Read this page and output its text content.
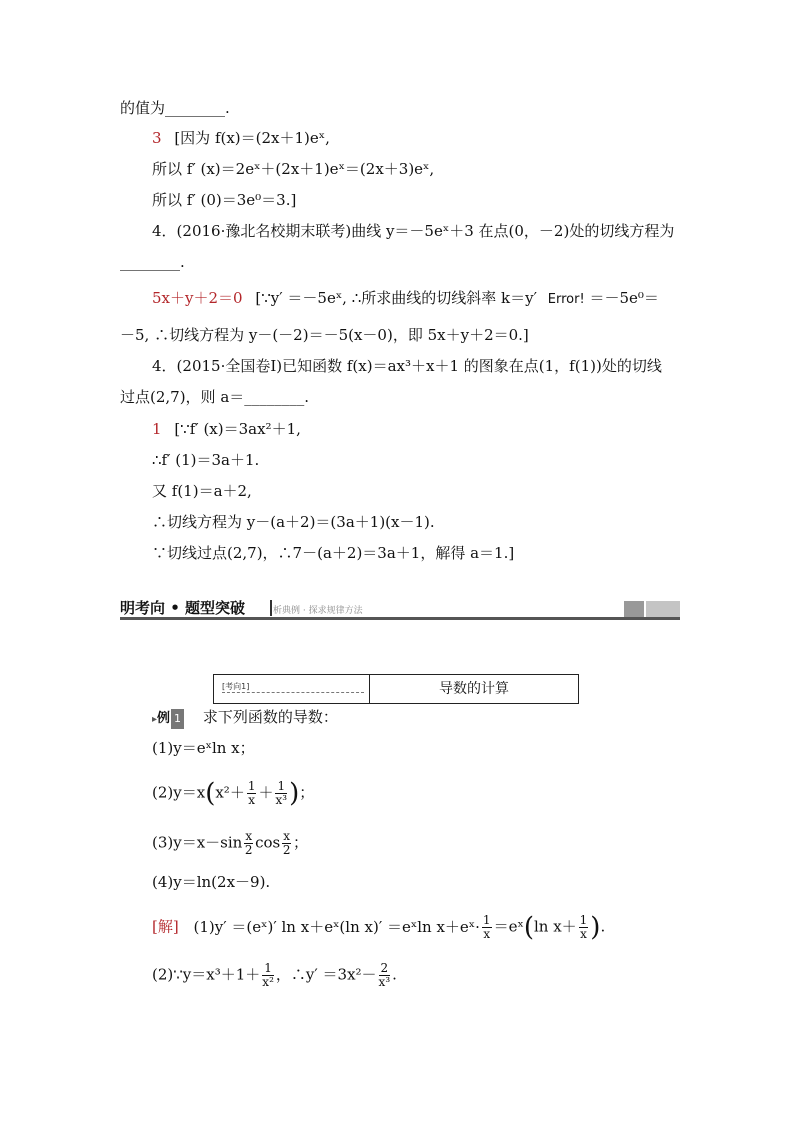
的值为________.
3 [因为 f(x)＝(2x＋1)eˣ,
所以 f′ (x)＝2eˣ＋(2x＋1)eˣ＝(2x＋3)eˣ,
所以 f′ (0)＝3e⁰＝3.]
4．(2016·豫北名校期末联考)曲线 y＝－5eˣ＋3 在点(0，－2)处的切线方程为
________.
5x＋y＋2＝0 [∵y′ ＝－5eˣ, ∴所求曲线的切线斜率 k＝y′ Error! ＝－5e⁰＝
－5, ∴切线方程为 y－(－2)＝－5(x－0)，即 5x＋y＋2＝0.]
4．(2015·全国卷Ⅰ)已知函数 f(x)＝ax³＋x＋1 的图象在点(1，f(1))处的切线
过点(2,7)，则 a＝________.
1 [∵f′ (x)＝3ax²＋1,
∴f′ (1)＝3a＋1.
又 f(1)＝a＋2,
∴切线方程为 y－(a＋2)＝(3a＋1)(x－1).
∵切线过点(2,7)，∴7－(a＋2)＝3a＋1，解得 a＝1.]
明考向 • 题型突破	析典例 · 探求规律方法
[考向1]	导数的计算
▸例 1 求下列函数的导数：
(1)y＝eˣln x；
$(2)y=x(x^2+ \frac{1}{x} + \frac{1}{\text{x³}}$ )；
$(3)y=x-\sin \frac{x}{2}$ $\cos \frac{x}{2}$ ；
(4)y＝ln(2x－9).
[解] (1)y′ ＝(eˣ)′ ln x＋eˣ(ln x)′ ＝eˣln x＋eˣ· $\frac{1}{x}$ ＝eˣ(ln $x+ \frac{1}{x}$ ).
(2)∵y＝x³＋1＋ $\frac{1}{\text{x²}}$ ，∴y′ $=3x^2- \frac{2}{\text{x³}}$ .
